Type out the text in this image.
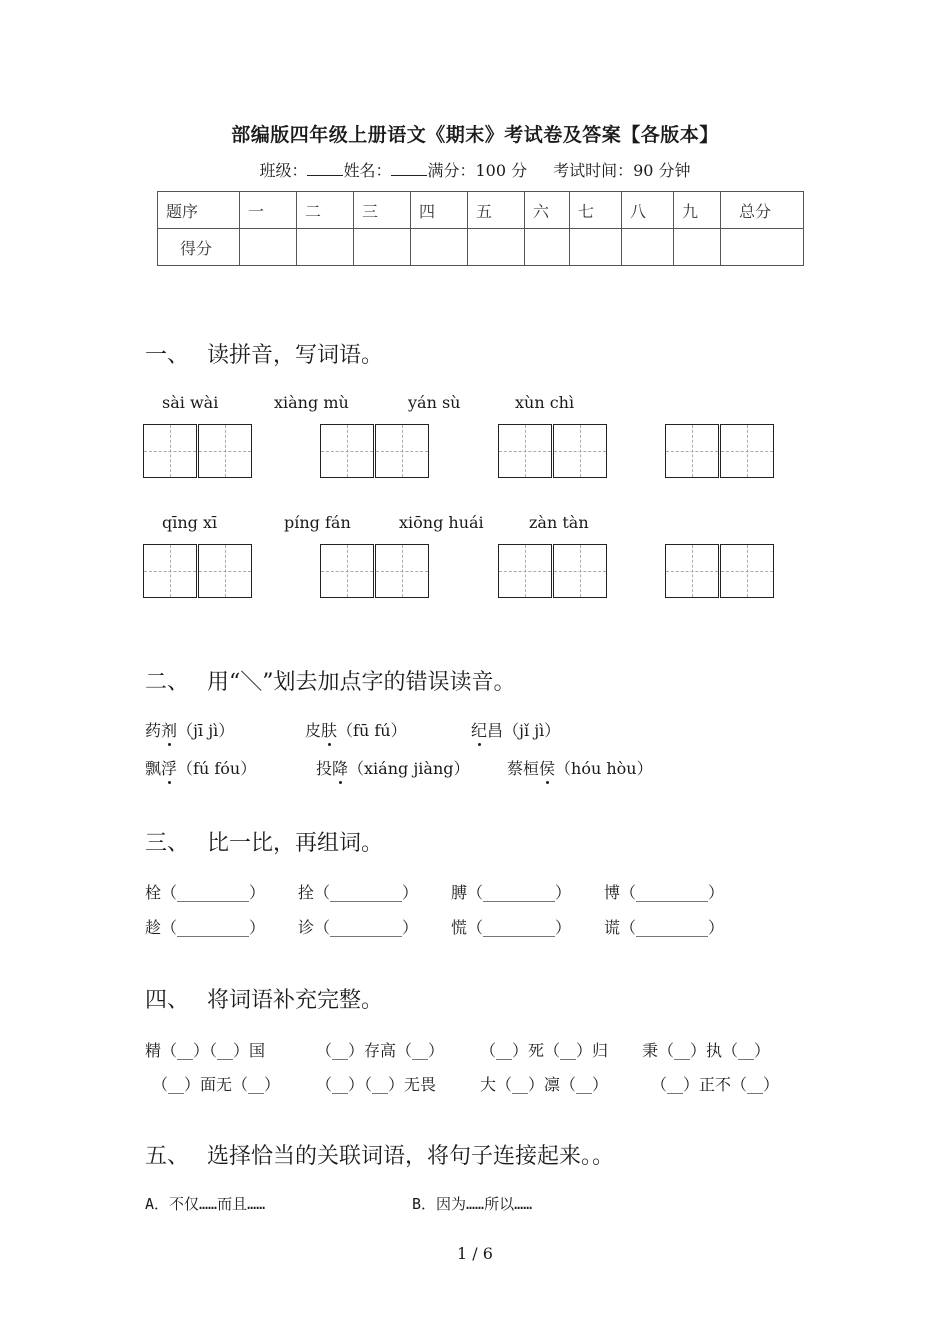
部编版四年级上册语文《期末》考试卷及答案【各版本】
班级： 姓名： 满分：100 分 考试时间：90 分钟
题序	一	二	三	四	五	六	七	八	九	总分
得分										
一、 读拼音，写词语。
sài wài	xiàng mù	yán sù	xùn chì
qīng xī	píng fán	xiōng huái	zàn tàn
二、 用“＼”划去加点字的错误读音。
药剂（jī jì）	皮肤（fū fú）	纪昌（jǐ jì）
飘浮（fú fóu）	投降（xiáng jiàng） 蔡桓侯（hóu hòu）
三、 比一比，再组词。
栓（_________） 拴（_________） 膊（_________） 博（_________）
趁（_________） 诊（_________） 慌（_________） 谎（_________）
四、 将词语补充完整。
精（__）（__）国	（__）存高（__） （__）死（__）归 秉（__）执（__）
（__）面无（__） （__）（__）无畏	大（__）凛（__）	（__）正不（__）
五、 选择恰当的关联词语，将句子连接起来。。
A．不仅……而且……	B．因为……所以……
1 / 6
